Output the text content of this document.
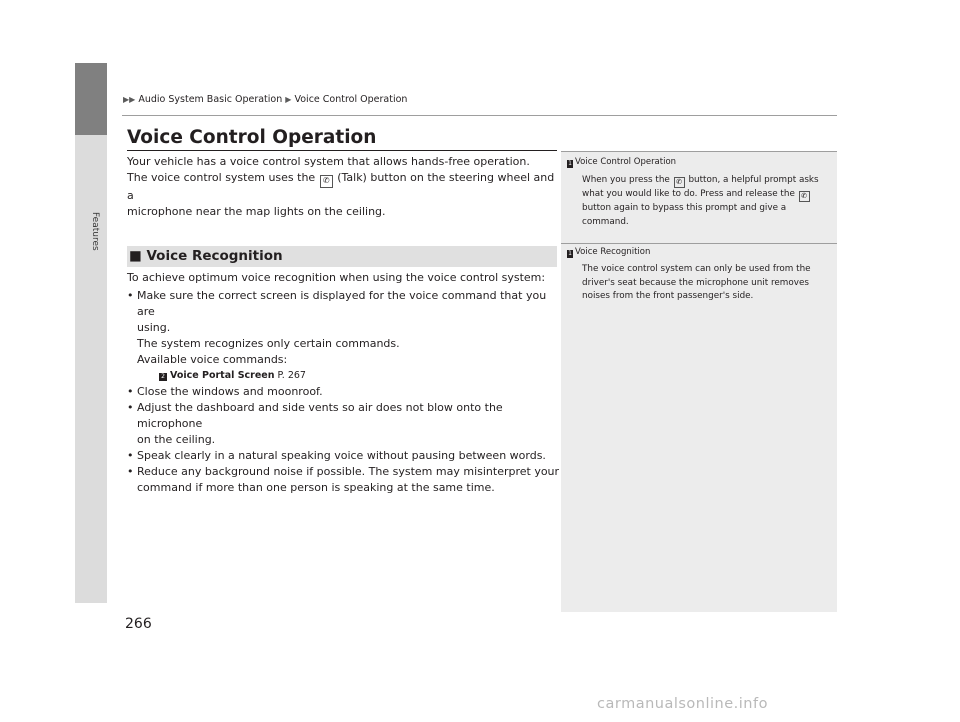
Features
▶▶ Audio System Basic Operation ▶ Voice Control Operation
Voice Control Operation
Your vehicle has a voice control system that allows hands-free operation.
The voice control system uses the ✆ (Talk) button on the steering wheel and a
microphone near the map lights on the ceiling.
■ Voice Recognition
To achieve optimum voice recognition when using the voice control system:
• Make sure the correct screen is displayed for the voice command that you are
using.
The system recognizes only certain commands.
Available voice commands:
2 Voice Portal Screen P. 267
• Close the windows and moonroof.
• Adjust the dashboard and side vents so air does not blow onto the microphone
on the ceiling.
• Speak clearly in a natural speaking voice without pausing between words.
• Reduce any background noise if possible. The system may misinterpret your
command if more than one person is speaking at the same time.
1 Voice Control Operation
When you press the ✆ button, a helpful prompt asks
what you would like to do. Press and release the ✆
button again to bypass this prompt and give a
command.
1 Voice Recognition
The voice control system can only be used from the
driver's seat because the microphone unit removes
noises from the front passenger's side.
266
carmanualsonline.info
